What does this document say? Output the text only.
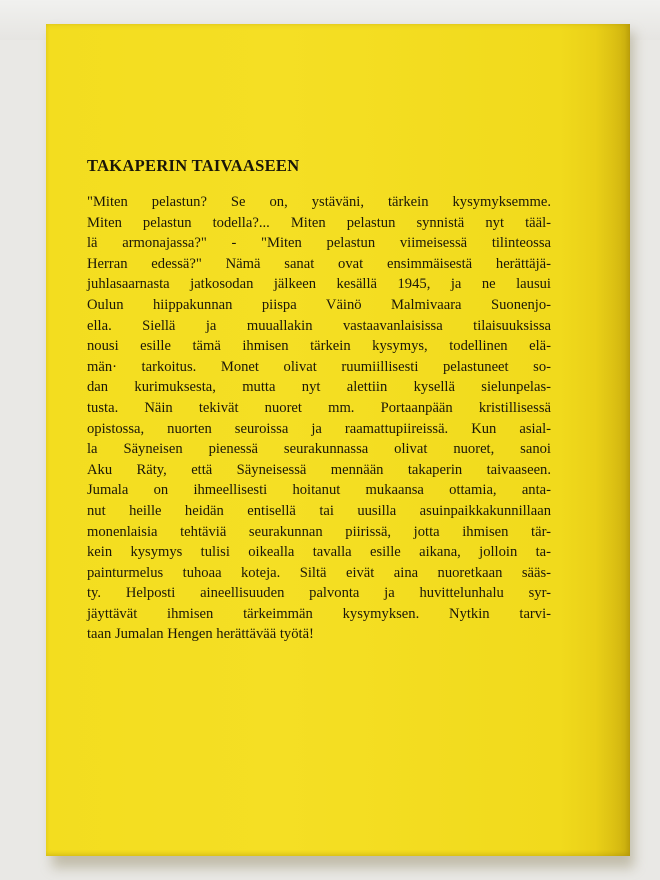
TAKAPERIN TAIVAASEEN
"Miten pelastun? Se on, ystäväni, tärkein kysymyksemme.
Miten pelastun todella?... Miten pelastun synnistä nyt tääl-
lä armonajassa?" - "Miten pelastun viimeisessä tilinteossa
Herran edessä?" Nämä sanat ovat ensimmäisestä herättäjä-
juhlasaarnasta jatkosodan jälkeen kesällä 1945, ja ne lausui
Oulun hiippakunnan piispa Väinö Malmivaara Suonenjo-
ella. Siellä ja muuallakin vastaavanlaisissa tilaisuuksissa
nousi esille tämä ihmisen tärkein kysymys, todellinen elä-
män· tarkoitus. Monet olivat ruumiillisesti pelastuneet so-
dan kurimuksesta, mutta nyt alettiin kysellä sielunpelas-
tusta. Näin tekivät nuoret mm. Portaanpään kristillisessä
opistossa, nuorten seuroissa ja raamattupiireissä. Kun asial-
la Säyneisen pienessä seurakunnassa olivat nuoret, sanoi
Aku Räty, että Säyneisessä mennään takaperin taivaaseen.
Jumala on ihmeellisesti hoitanut mukaansa ottamia, anta-
nut heille heidän entisellä tai uusilla asuinpaikkakunnillaan
monenlaisia tehtäviä seurakunnan piirissä, jotta ihmisen tär-
kein kysymys tulisi oikealla tavalla esille aikana, jolloin ta-
painturmelus tuhoaa koteja. Siltä eivät aina nuoretkaan sääs-
ty. Helposti aineellisuuden palvonta ja huvittelunhalu syr-
jäyttävät ihmisen tärkeimmän kysymyksen. Nytkin tarvi-
taan Jumalan Hengen herättävää työtä!
